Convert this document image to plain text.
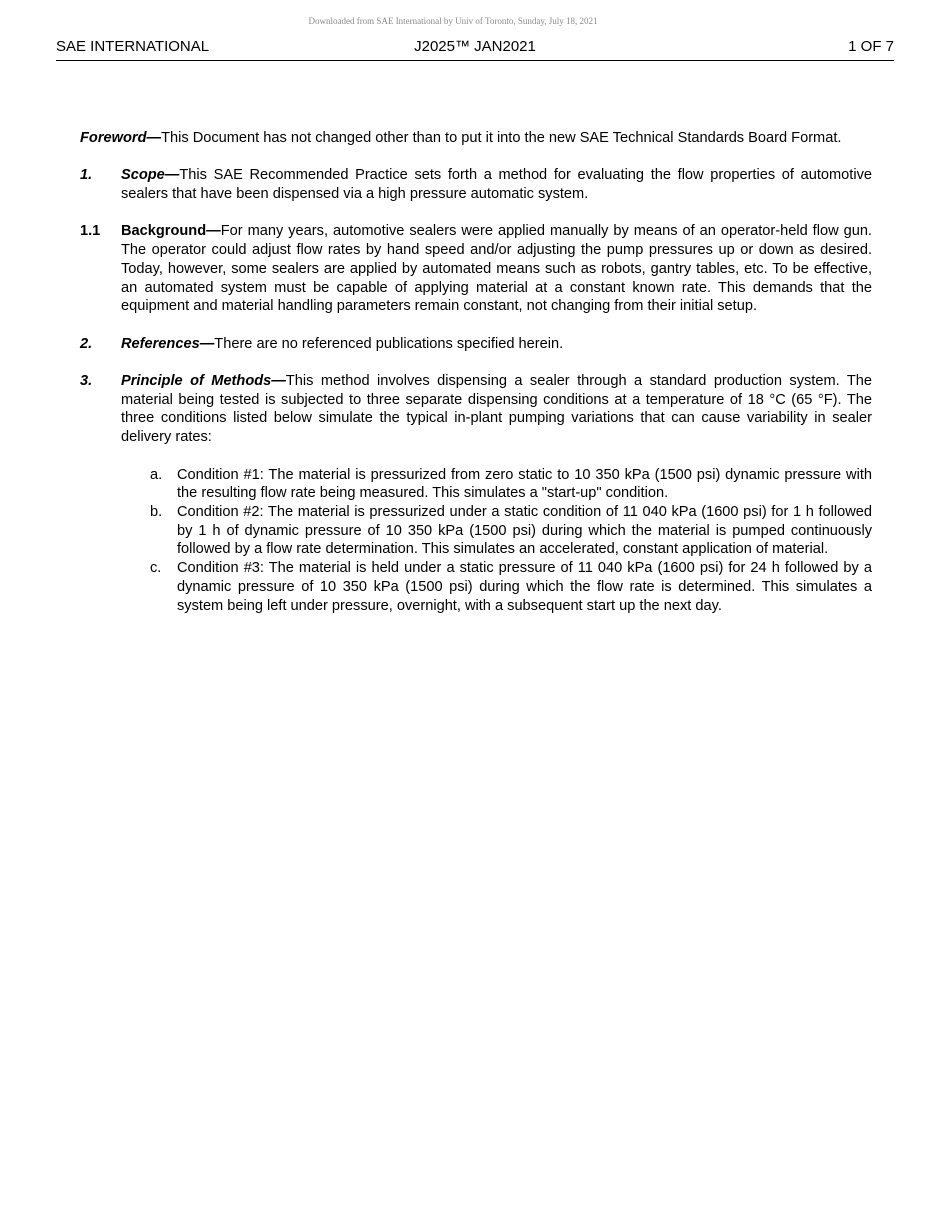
Downloaded from SAE International by Univ of Toronto, Sunday, July 18, 2021
SAE INTERNATIONAL	J2025™ JAN2021	1 OF 7

Foreword—This Document has not changed other than to put it into the new SAE Technical Standards Board Format.

1. Scope—This SAE Recommended Practice sets forth a method for evaluating the flow properties of automotive sealers that have been dispensed via a high pressure automatic system.
1.1 Background—For many years, automotive sealers were applied manually by means of an operator-held flow gun. The operator could adjust flow rates by hand speed and/or adjusting the pump pressures up or down as desired. Today, however, some sealers are applied by automated means such as robots, gantry tables, etc. To be effective, an automated system must be capable of applying material at a constant known rate. This demands that the equipment and material handling parameters remain constant, not changing from their initial setup.
2. References—There are no referenced publications specified herein.
3. Principle of Methods—This method involves dispensing a sealer through a standard production system. The material being tested is subjected to three separate dispensing conditions at a temperature of 18 °C (65 °F). The three conditions listed below simulate the typical in-plant pumping variations that can cause variability in sealer delivery rates:
a. Condition #1: The material is pressurized from zero static to 10 350 kPa (1500 psi) dynamic pressure with the resulting flow rate being measured. This simulates a "start-up" condition.
b. Condition #2: The material is pressurized under a static condition of 11 040 kPa (1600 psi) for 1 h followed by 1 h of dynamic pressure of 10 350 kPa (1500 psi) during which the material is pumped continuously followed by a flow rate determination. This simulates an accelerated, constant application of material.
c. Condition #3: The material is held under a static pressure of 11 040 kPa (1600 psi) for 24 h followed by a dynamic pressure of 10 350 kPa (1500 psi) during which the flow rate is determined. This simulates a system being left under pressure, overnight, with a subsequent start up the next day.
